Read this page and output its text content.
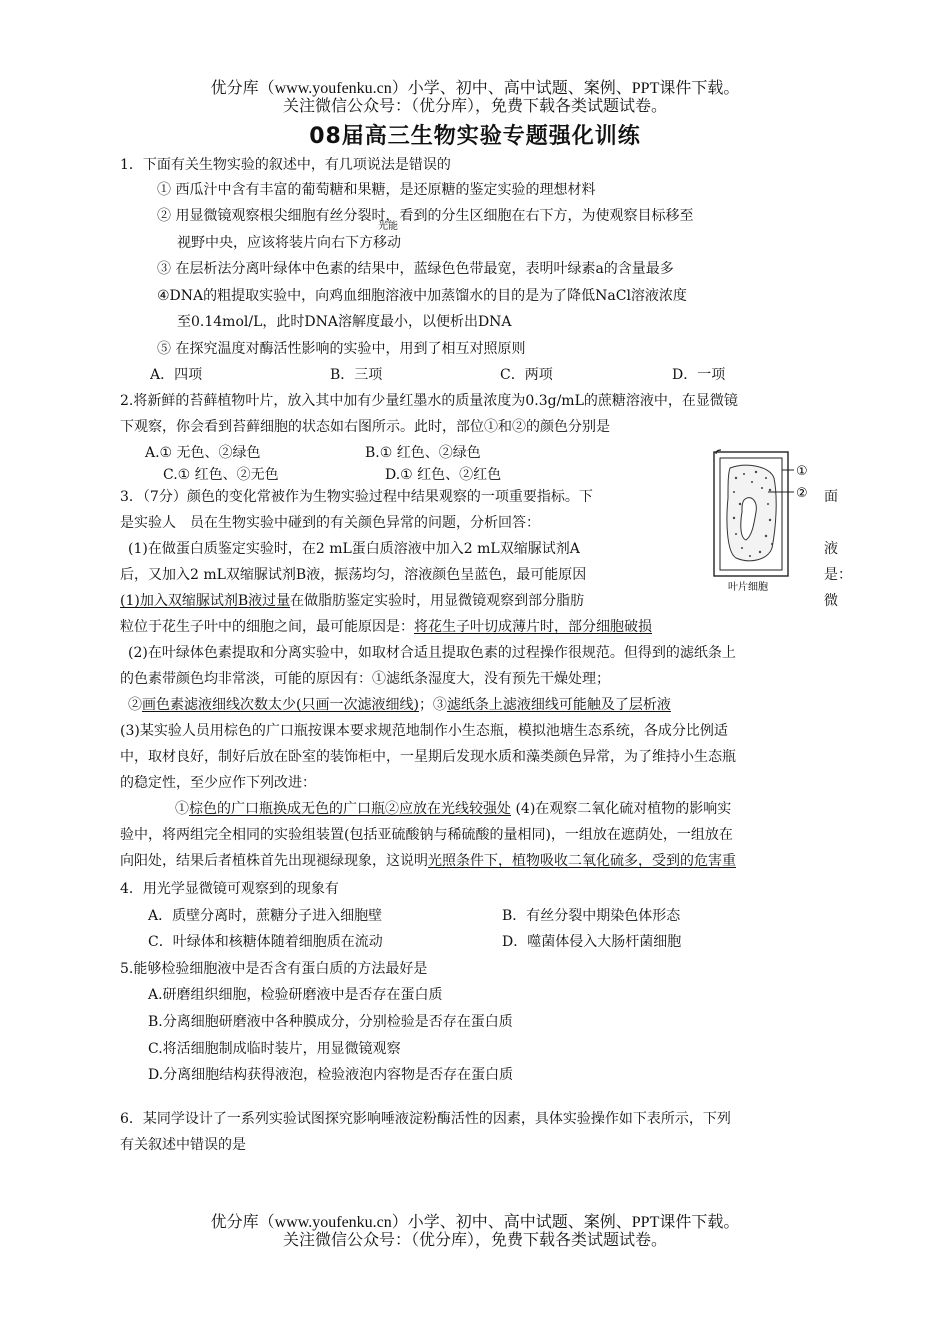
优分库（www.youfenku.cn）小学、初中、高中试题、案例、PPT课件下载。
关注微信公众号：（优分库），免费下载各类试题试卷。
08届高三生物实验专题强化训练
1．下面有关生物实验的叙述中，有几项说法是错误的
① 西瓜汁中含有丰富的葡萄糖和果糖，是还原糖的鉴定实验的理想材料
② 用显微镜观察根尖细胞有丝分裂时，看到的分生区细胞在右下方，为使观察目标移至
光能
视野中央，应该将装片向右下方移动
③ 在层析法分离叶绿体中色素的结果中，蓝绿色色带最宽，表明叶绿素a的含量最多
④DNA的粗提取实验中，向鸡血细胞溶液中加蒸馏水的目的是为了降低NaCl溶液浓度
至0.14mol/L，此时DNA溶解度最小，以便析出DNA
⑤ 在探究温度对酶活性影响的实验中，用到了相互对照原则
A．四项	B．三项	C．两项	D．一项
2.将新鲜的苔藓植物叶片，放入其中加有少量红墨水的质量浓度为0.3g/mL的蔗糖溶液中，在显微镜
下观察，你会看到苔藓细胞的状态如右图所示。此时，部位①和②的颜色分别是
A.① 无色、②绿色	B.① 红色、②绿色
C.① 红色、②无色	D.① 红色、②红色	①
②
叶片细胞
3．（7分）颜色的变化常被作为生物实验过程中结果观察的一项重要指标。下	面
是实验人　员在生物实验中碰到的有关颜色异常的问题，分析回答：
(1)在做蛋白质鉴定实验时，在2 mL蛋白质溶液中加入2 mL双缩脲试剂A	液
后，又加入2 mL双缩脲试剂B液，振荡均匀，溶液颜色呈蓝色，最可能原因	是：
(1)加入双缩脲试剂B液过量在做脂肪鉴定实验时，用显微镜观察到部分脂肪	微
粒位于花生子叶中的细胞之间，最可能原因是：将花生子叶切成薄片时，部分细胞破损
(2)在叶绿体色素提取和分离实验中，如取材合适且提取色素的过程操作很规范。但得到的滤纸条上
的色素带颜色均非常淡，可能的原因有：①滤纸条湿度大，没有预先干燥处理；
②画色素滤液细线次数太少(只画一次滤液细线)；③滤纸条上滤液细线可能触及了层析液
(3)某实验人员用棕色的广口瓶按课本要求规范地制作小生态瓶，模拟池塘生态系统，各成分比例适
中，取材良好，制好后放在卧室的装饰柜中，一星期后发现水质和藻类颜色异常，为了维持小生态瓶
的稳定性，至少应作下列改进：
①棕色的广口瓶换成无色的广口瓶②应放在光线较强处 (4)在观察二氧化硫对植物的影响实
验中，将两组完全相同的实验组装置(包括亚硫酸钠与稀硫酸的量相同)，一组放在遮荫处，一组放在
向阳处，结果后者植株首先出现褪绿现象，这说明光照条件下，植物吸收二氧化硫多，受到的危害重
4．用光学显微镜可观察到的现象有
A．质壁分离时，蔗糖分子进入细胞壁	B．有丝分裂中期染色体形态
C．叶绿体和核糖体随着细胞质在流动	D．噬菌体侵入大肠杆菌细胞
5.能够检验细胞液中是否含有蛋白质的方法最好是
A.研磨组织细胞，检验研磨液中是否存在蛋白质
B.分离细胞研磨液中各种膜成分，分别检验是否存在蛋白质
C.将活细胞制成临时装片，用显微镜观察
D.分离细胞结构获得液泡，检验液泡内容物是否存在蛋白质
6．某同学设计了一系列实验试图探究影响唾液淀粉酶活性的因素，具体实验操作如下表所示，下列
有关叙述中错误的是
优分库（www.youfenku.cn）小学、初中、高中试题、案例、PPT课件下载。
关注微信公众号：（优分库），免费下载各类试题试卷。
